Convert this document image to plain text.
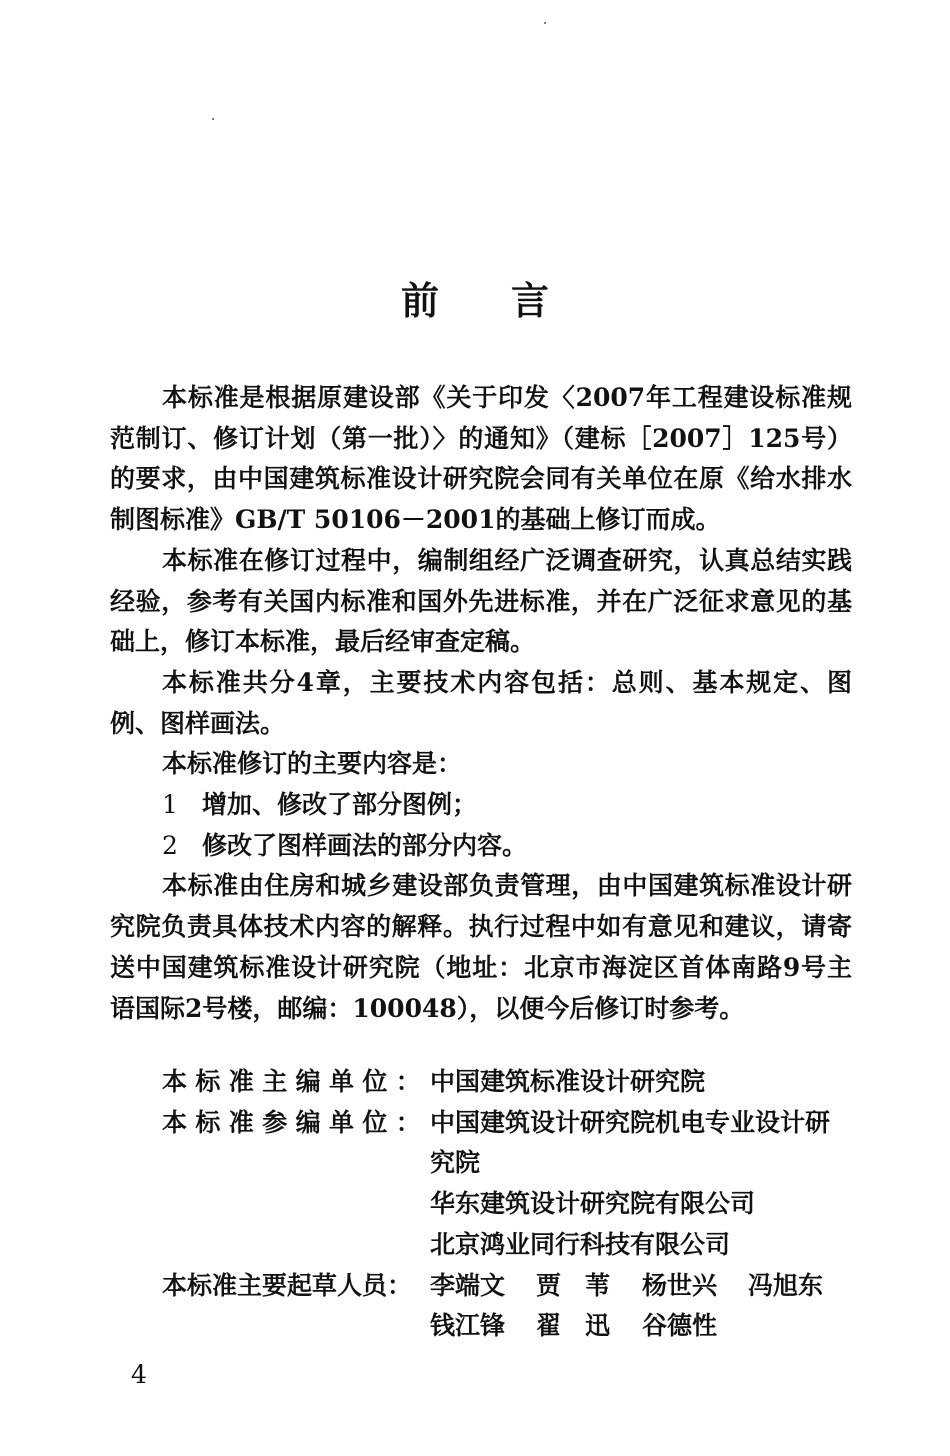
前言

本标准是根据原建设部《关于印发〈2007年工程建设标准规范制订、修订计划（第一批）〉的通知》（建标［2007］125号）的要求，由中国建筑标准设计研究院会同有关单位在原《给水排水制图标准》GB/T 50106－2001的基础上修订而成。

本标准在修订过程中，编制组经广泛调查研究，认真总结实践经验，参考有关国内标准和国外先进标准，并在广泛征求意见的基础上，修订本标准，最后经审查定稿。

本标准共分4章，主要技术内容包括：总则、基本规定、图例、图样画法。

本标准修订的主要内容是：

1 增加、修改了部分图例；

2 修改了图样画法的部分内容。

本标准由住房和城乡建设部负责管理，由中国建筑标准设计研究院负责具体技术内容的解释。执行过程中如有意见和建议，请寄送中国建筑标准设计研究院（地址：北京市海淀区首体南路9号主语国际2号楼，邮编：100048），以便今后修订时参考。

本标准主编单位： 中国建筑标准设计研究院
本标准参编单位： 中国建筑设计研究院机电专业设计研
究院
华东建筑设计研究院有限公司
北京鸿业同行科技有限公司
本标准主要起草人员： 李端文 贾苇 杨世兴 冯旭东
钱江锋 翟迅 谷德性
4
